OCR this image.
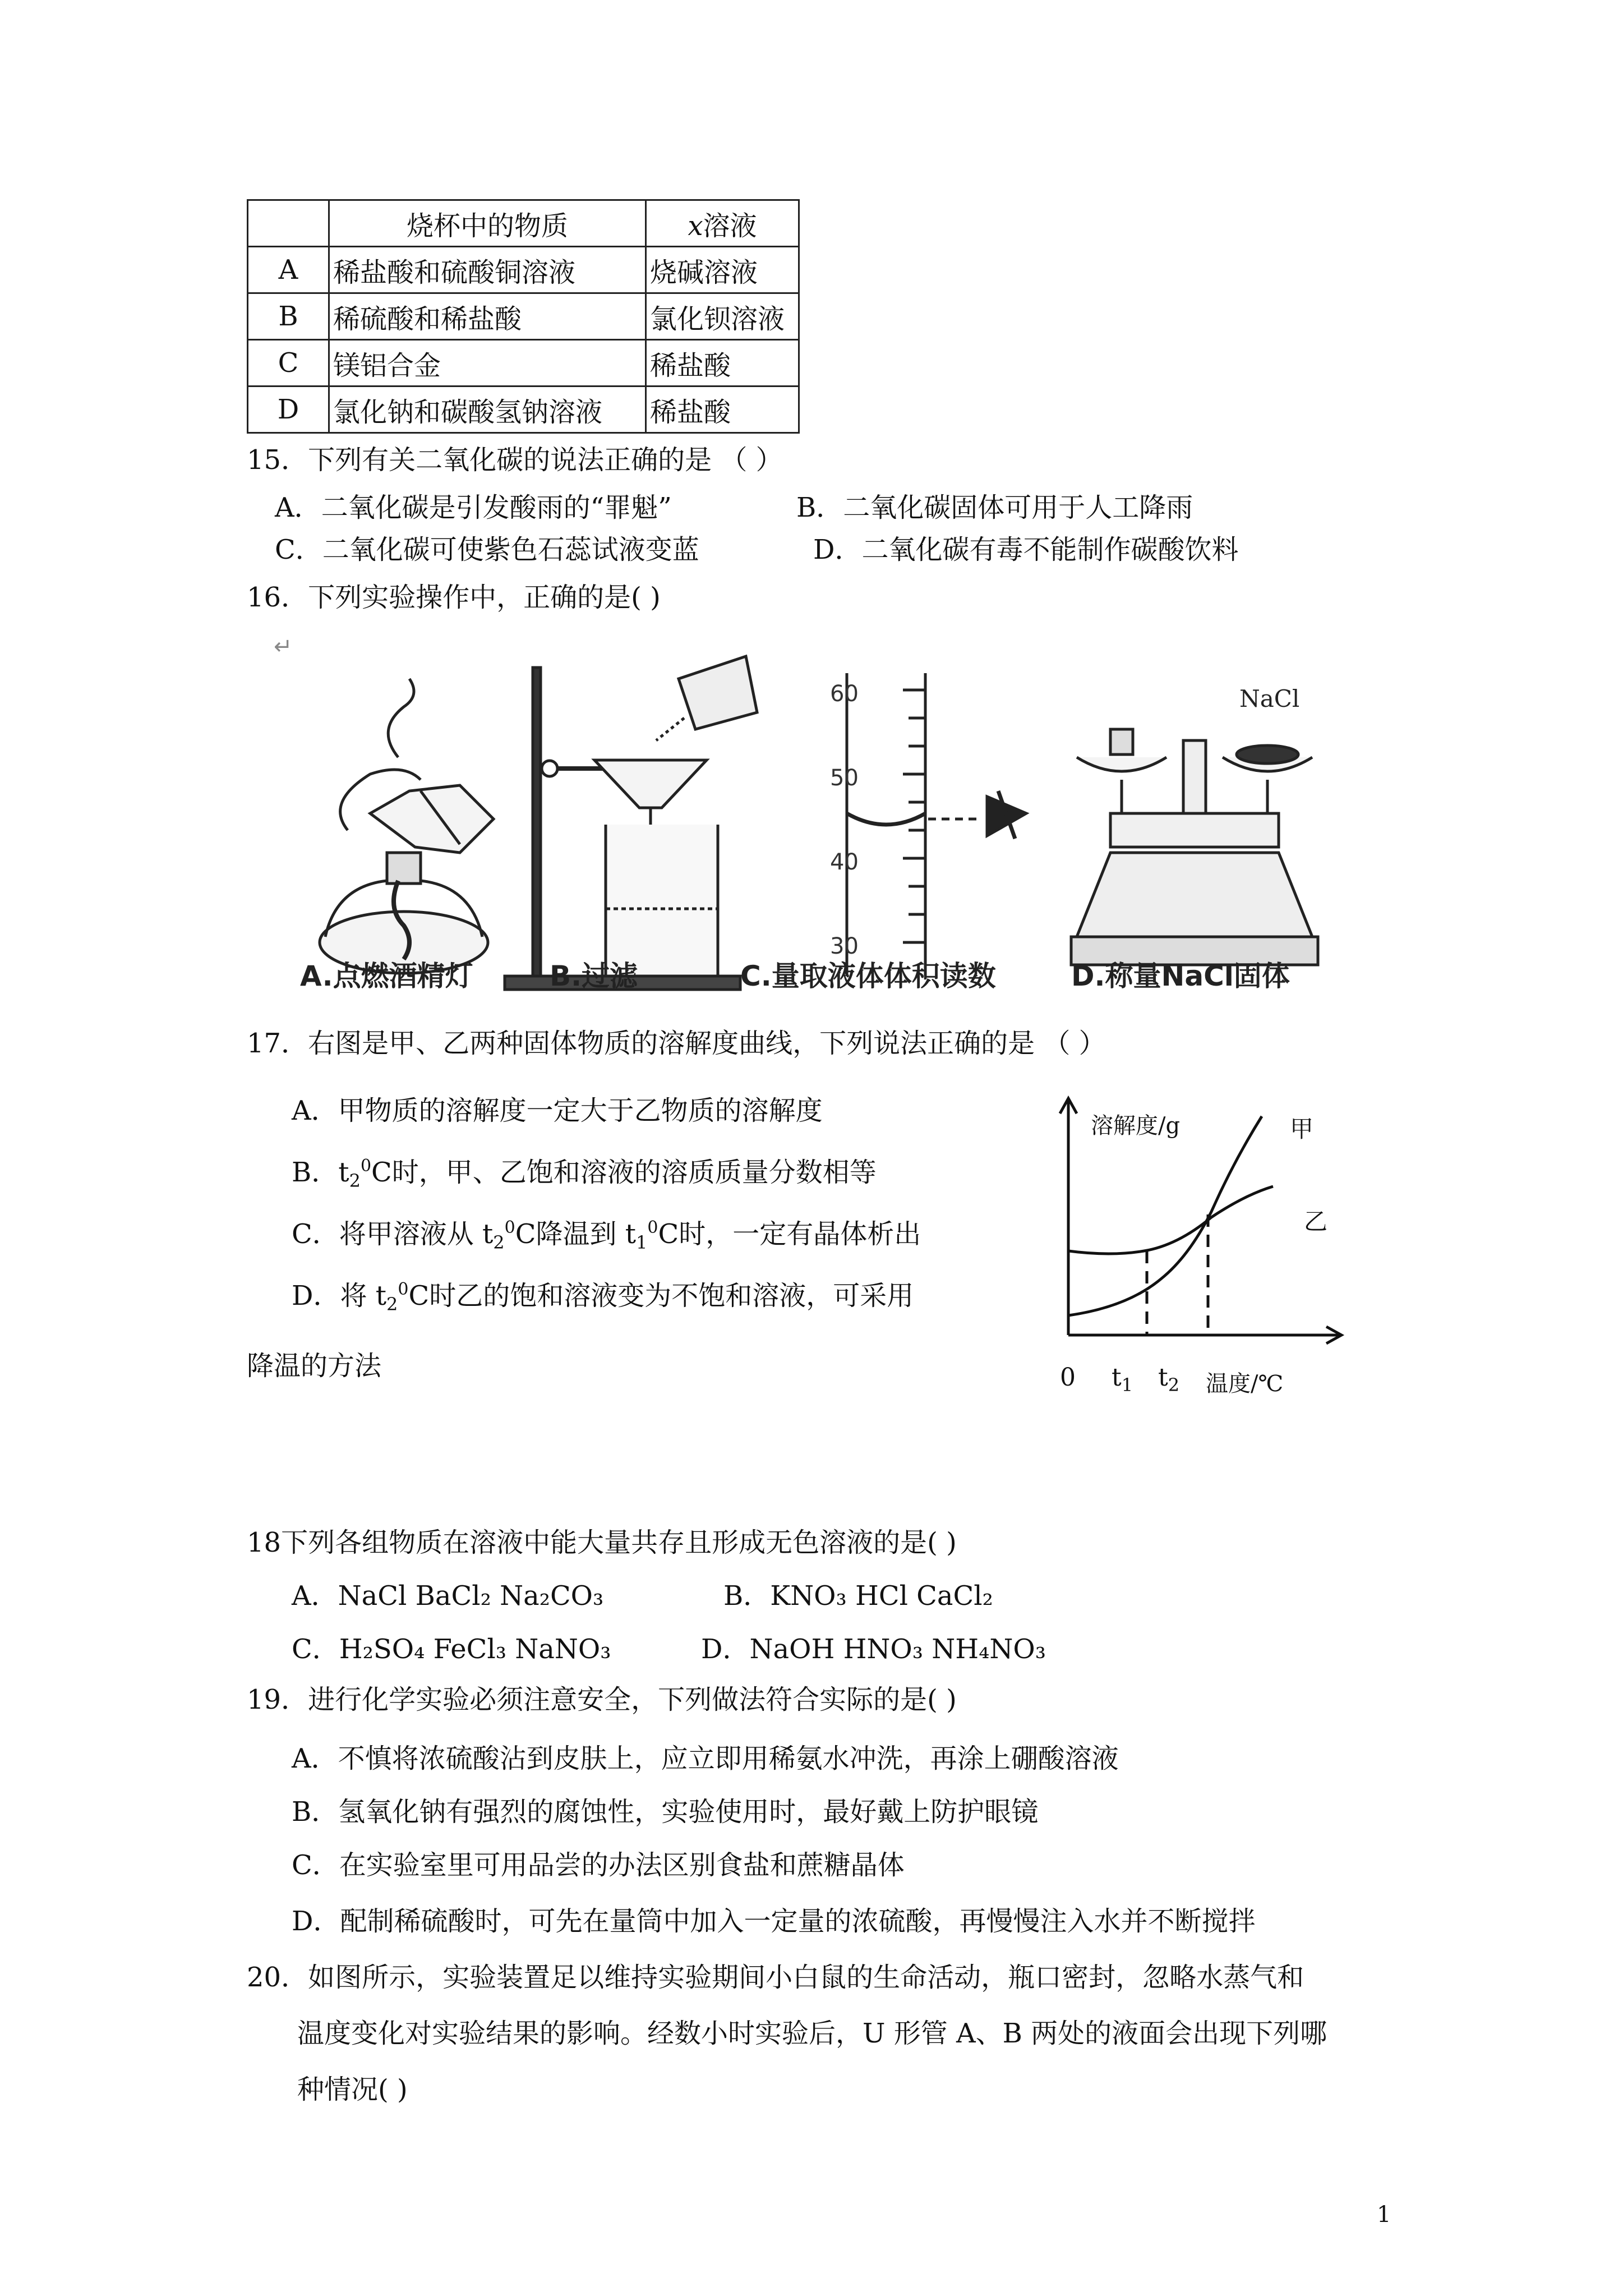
	烧杯中的物质	x溶液
A	稀盐酸和硫酸铜溶液	烧碱溶液
B	稀硫酸和稀盐酸	氯化钡溶液
C	镁铝合金	稀盐酸
D	氯化钠和碳酸氢钠溶液	稀盐酸
15．下列有关二氧化碳的说法正确的是 （ ）
A．二氧化碳是引发酸雨的“罪魁”	B．二氧化碳固体可用于人工降雨
C．二氧化碳可使紫色石蕊试液变蓝	D．二氧化碳有毒不能制作碳酸饮料
16．下列实验操作中，正确的是( )
↵
60
50
40
30
NaCl
A.点燃酒精灯	B.过滤	C.量取液体体积读数	D.称量NaCl固体
17．右图是甲、乙两种固体物质的溶解度曲线，下列说法正确的是 （ ）
A．甲物质的溶解度一定大于乙物质的溶解度
B．$t_2^0C$时，甲、乙饱和溶液的溶质质量分数相等
C．将甲溶液从 $t_2^0C$降温到 $t_1^0C$时，一定有晶体析出
D．将 $t_2^0C$时乙的饱和溶液变为不饱和溶液，可采用
降温的方法
溶解度/g	甲
乙
0 $t_1$ $t_2$ 温度/℃
18下列各组物质在溶液中能大量共存且形成无色溶液的是( )
A．NaCl BaCl₂ Na₂CO₃	B．KNO₃ HCl CaCl₂
C．H₂SO₄ FeCl₃ NaNO₃	D．NaOH HNO₃ NH₄NO₃
19．进行化学实验必须注意安全，下列做法符合实际的是( )
A．不慎将浓硫酸沾到皮肤上，应立即用稀氨水冲洗，再涂上硼酸溶液
B．氢氧化钠有强烈的腐蚀性，实验使用时，最好戴上防护眼镜
C．在实验室里可用品尝的办法区别食盐和蔗糖晶体
D．配制稀硫酸时，可先在量筒中加入一定量的浓硫酸，再慢慢注入水并不断搅拌
20．如图所示，实验装置足以维持实验期间小白鼠的生命活动，瓶口密封，忽略水蒸气和
温度变化对实验结果的影响。经数小时实验后，U 形管 A、B 两处的液面会出现下列哪
种情况( )
1
